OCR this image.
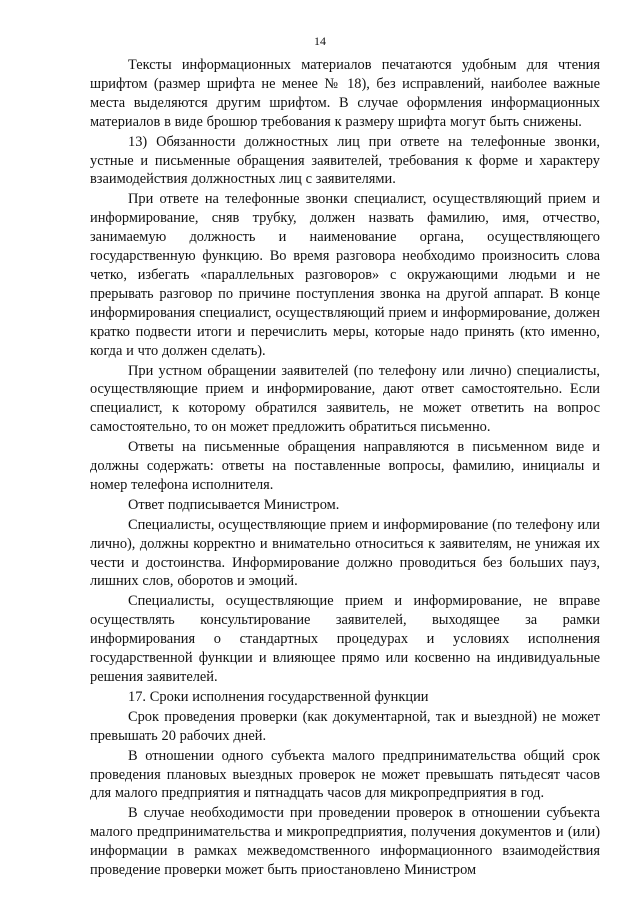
14

Тексты информационных материалов печатаются удобным для чтения шрифтом (размер шрифта не менее № 18), без исправлений, наиболее важные места выделяются другим шрифтом. В случае оформления информационных материалов в виде брошюр требования к размеру шрифта могут быть снижены.

13) Обязанности должностных лиц при ответе на телефонные звонки, устные и письменные обращения заявителей, требования к форме и характеру взаимодействия должностных лиц с заявителями.

При ответе на телефонные звонки специалист, осуществляющий прием и информирование, сняв трубку, должен назвать фамилию, имя, отчество, занимаемую должность и наименование органа, осуществляющего государственную функцию. Во время разговора необходимо произносить слова четко, избегать «параллельных разговоров» с окружающими людьми и не прерывать разговор по причине поступления звонка на другой аппарат. В конце информирования специалист, осуществляющий прием и информирование, должен кратко подвести итоги и перечислить меры, которые надо принять (кто именно, когда и что должен сделать).

При устном обращении заявителей (по телефону или лично) специалисты, осуществляющие прием и информирование, дают ответ самостоятельно. Если специалист, к которому обратился заявитель, не может ответить на вопрос самостоятельно, то он может предложить обратиться письменно.

Ответы на письменные обращения направляются в письменном виде и должны содержать: ответы на поставленные вопросы, фамилию, инициалы и номер телефона исполнителя.

Ответ подписывается Министром.

Специалисты, осуществляющие прием и информирование (по телефону или лично), должны корректно и внимательно относиться к заявителям, не унижая их чести и достоинства. Информирование должно проводиться без больших пауз, лишних слов, оборотов и эмоций.

Специалисты, осуществляющие прием и информирование, не вправе осуществлять консультирование заявителей, выходящее за рамки информирования о стандартных процедурах и условиях исполнения государственной функции и влияющее прямо или косвенно на индивидуальные решения заявителей.

17. Сроки исполнения государственной функции

Срок проведения проверки (как документарной, так и выездной) не может превышать 20 рабочих дней.

В отношении одного субъекта малого предпринимательства общий срок проведения плановых выездных проверок не может превышать пятьдесят часов для малого предприятия и пятнадцать часов для микропредприятия в год.

В случае необходимости при проведении проверок в отношении субъекта малого предпринимательства и микропредприятия, получения документов и (или) информации в рамках межведомственного информационного взаимодействия проведение проверки может быть приостановлено Министром
